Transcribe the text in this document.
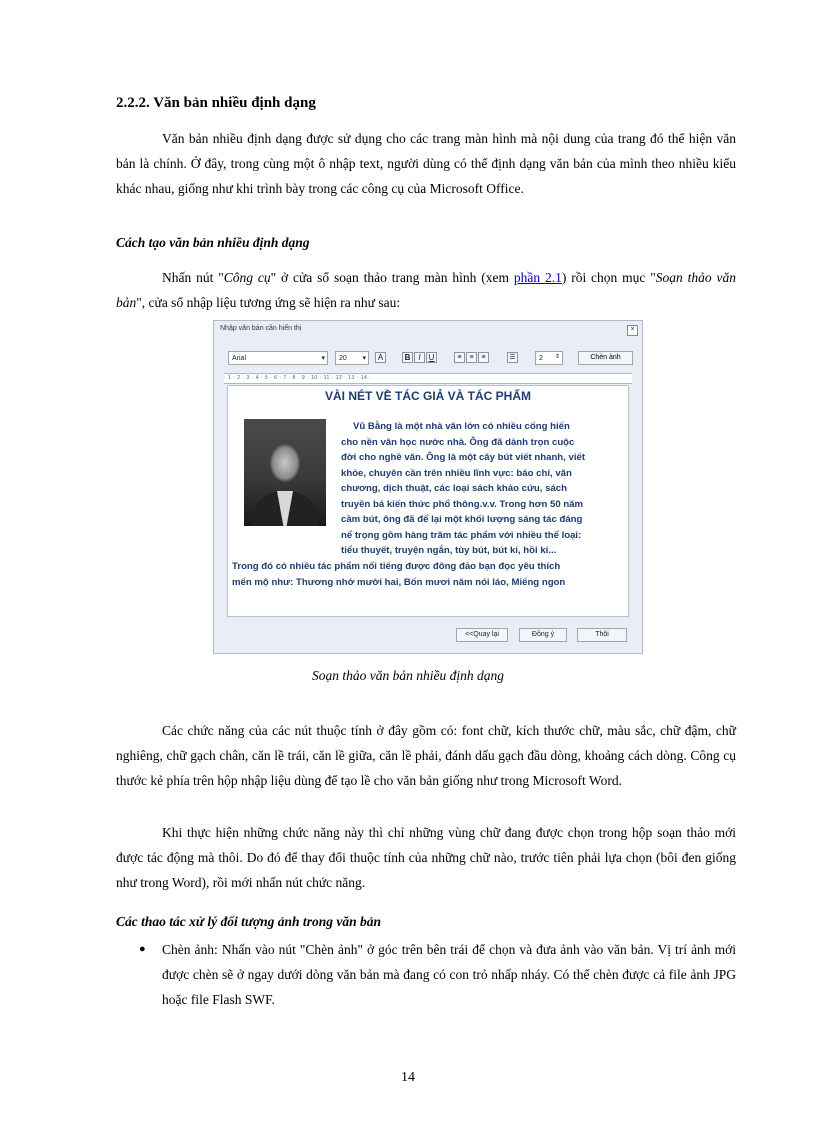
2.2.2. Văn bản nhiều định dạng

Văn bản nhiều định dạng được sử dụng cho các trang màn hình mà nội dung của trang đó thể hiện văn bản là chính. Ở đây, trong cùng một ô nhập text, người dùng có thể định dạng văn bản của mình theo nhiều kiểu khác nhau, giống như khi trình bày trong các công cụ của Microsoft Office.

Cách tạo văn bản nhiều định dạng

Nhấn nút "Công cụ" ở cửa sổ soạn thảo trang màn hình (xem phần 2.1) rồi chọn mục "Soạn thảo văn bản", cửa sổ nhập liệu tương ứng sẽ hiện ra như sau:

Nhập văn bản cần hiển thị	×
Arial	▾	20 ▾	A	B I	U	≡	≡	≡	☰	2 ⇕	Chèn ảnh
· 1 · 2 · 3 · 4 · 5 · 6 · 7 · 8 · 9 · 10 · 11 · 12 · 13 · 14 ·
VÀI NÉT VỀ TÁC GIẢ VÀ TÁC PHẨM
Vũ Bằng là một nhà văn lớn có nhiều cống hiến
cho nền văn học nước nhà. Ông đã dành trọn cuộc
đời cho nghề văn. Ông là một cây bút viết nhanh, viết
khỏe, chuyên cần trên nhiều lĩnh vực: báo chí, văn
chương, dịch thuật, các loại sách khảo cứu, sách
truyền bá kiến thức phổ thông.v.v. Trong hơn 50 năm
cầm bút, ông đã để lại một khối lượng sáng tác đáng
nể trọng gồm hàng trăm tác phẩm với nhiều thể loại:
tiểu thuyết, truyện ngắn, tùy bút, bút kí, hồi kí...
Trong đó có nhiều tác phẩm nổi tiếng được đông đảo bạn đọc yêu thích
mến mộ như: Thương nhớ mười hai, Bốn mươi năm nói láo, Miếng ngon
<<Quay lại	Đồng ý	Thôi
Soạn thảo văn bản nhiều định dạng

Các chức năng của các nút thuộc tính ở đây gồm có: font chữ, kích thước chữ, màu sắc, chữ đậm, chữ nghiêng, chữ gạch chân, căn lề trái, căn lề giữa, căn lề phải, đánh dấu gạch đầu dòng, khoảng cách dòng. Công cụ thước kẻ phía trên hộp nhập liệu dùng để tạo lề cho văn bản giống như trong Microsoft Word.

Khi thực hiện những chức năng này thì chỉ những vùng chữ đang được chọn trong hộp soạn thảo mới được tác động mà thôi. Do đó để thay đổi thuộc tính của những chữ nào, trước tiên phải lựa chọn (bôi đen giống như trong Word), rồi mới nhấn nút chức năng.

Các thao tác xử lý đối tượng ảnh trong văn bản
● Chèn ảnh: Nhấn vào nút "Chèn ảnh" ở góc trên bên trái để chọn và đưa ảnh vào văn bản. Vị trí ảnh mới được chèn sẽ ở ngay dưới dòng văn bản mà đang có con trỏ nhấp nháy. Có thể chèn được cả file ảnh JPG hoặc file Flash SWF.
14
